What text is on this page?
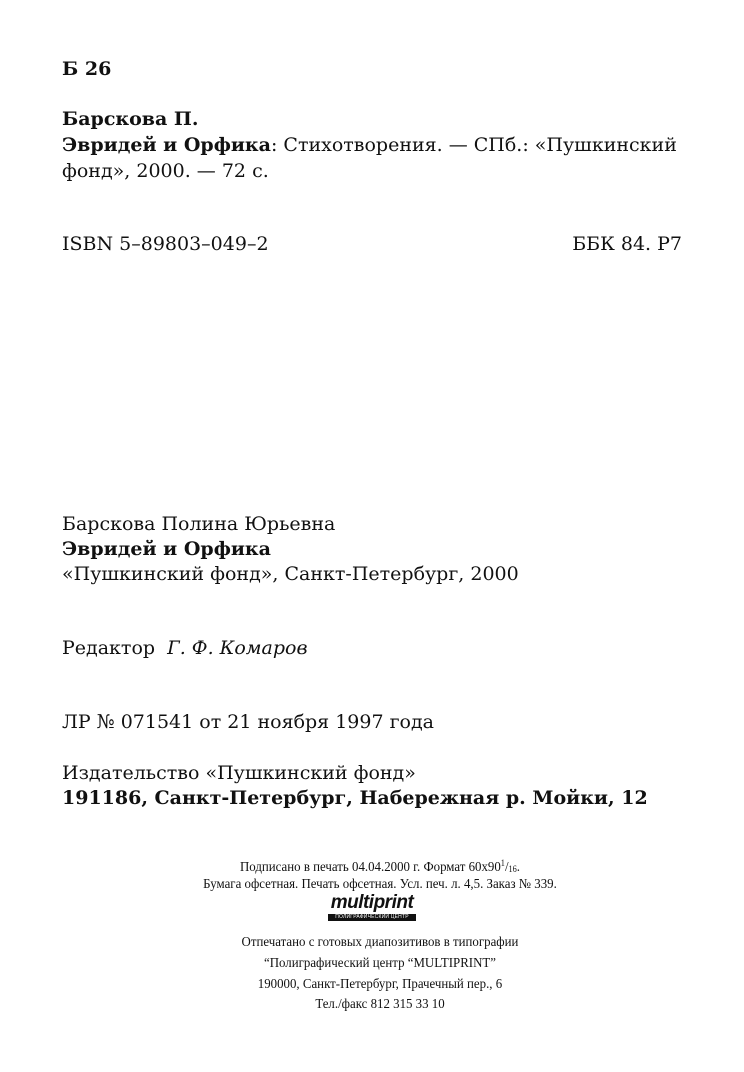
Б 26
Барскова П.
Эвридей и Орфика: Стихотворения. — СПб.: «Пушкинский
фонд», 2000. — 72 с.
ISBN 5–89803–049–2	ББК 84. Р7
Барскова Полина Юрьевна
Эвридей и Орфика
«Пушкинский фонд», Санкт-Петербург, 2000
Редактор Г. Ф. Комаров
ЛР № 071541 от 21 ноября 1997 года
Издательство «Пушкинский фонд»
191186, Санкт-Петербург, Набережная р. Мойки, 12
Подписано в печать 04.04.2000 г. Формат $60х90^1/_{16}$.
Бумага офсетная. Печать офсетная. Усл. печ. л. 4,5. Заказ № 339.
multiprint
ПОЛИГРАФИЧЕСКИЙ ЦЕНТР
Отпечатано с готовых диапозитивов в типографии
“Полиграфический центр “MULTIPRINT”
190000, Санкт-Петербург, Прачечный пер., 6
Тел./факс 812 315 33 10
